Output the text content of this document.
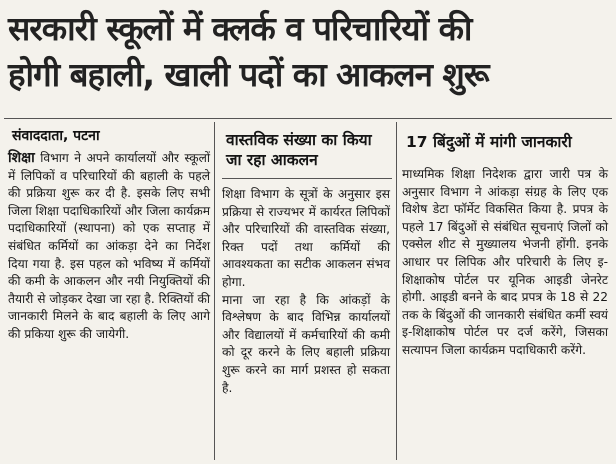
सरकारी स्कूलों में क्लर्क व परिचारियों की
होगी बहाली, खाली पदों का आकलन शुरू
संवाददाता, पटना

शिक्षा विभाग ने अपने कार्यालयों और स्कूलों में लिपिकों व परिचारियों की बहाली के पहले की प्रक्रिया शुरू कर दी है. इसके लिए सभी जिला शिक्षा पदाधिकारियों और जिला कार्यक्रम पदाधिकारियों (स्थापना) को एक सप्ताह में संबंधित कर्मियों का आंकड़ा देने का निर्देश दिया गया है. इस पहल को भविष्य में कर्मियों की कमी के आकलन और नयी नियुक्तियों की तैयारी से जोड़कर देखा जा रहा है. रिक्तियों की जानकारी मिलने के बाद बहाली के लिए आगे की प्रकिया शुरू की जायेगी.

वास्तविक संख्या का किया जा रहा आकलन

शिक्षा विभाग के सूत्रों के अनुसार इस प्रक्रिया से राज्यभर में कार्यरत लिपिकों और परिचारियों की वास्तविक संख्या, रिक्त पदों तथा कर्मियों की आवश्यकता का सटीक आकलन संभव होगा.

माना जा रहा है कि आंकड़ों के विश्लेषण के बाद विभिन्न कार्यालयों और विद्यालयों में कर्मचारियों की कमी को दूर करने के लिए बहाली प्रक्रिया शुरू करने का मार्ग प्रशस्त हो सकता है.

17 बिंदुओं में मांगी जानकारी

माध्यमिक शिक्षा निदेशक द्वारा जारी पत्र के अनुसार विभाग ने आंकड़ा संग्रह के लिए एक विशेष डेटा फॉर्मेट विकसित किया है. प्रपत्र के पहले 17 बिंदुओं से संबंधित सूचनाएं जिलों को एक्सेल शीट से मुख्यालय भेजनी होंगी. इनके आधार पर लिपिक और परिचारी के लिए इ-शिक्षाकोष पोर्टल पर यूनिक आइडी जेनरेट होगी. आइडी बनने के बाद प्रपत्र के 18 से 22 तक के बिंदुओं की जानकारी संबंधित कर्मी स्वयं इ-शिक्षाकोष पोर्टल पर दर्ज करेंगे, जिसका सत्यापन जिला कार्यक्रम पदाधिकारी करेंगे.
